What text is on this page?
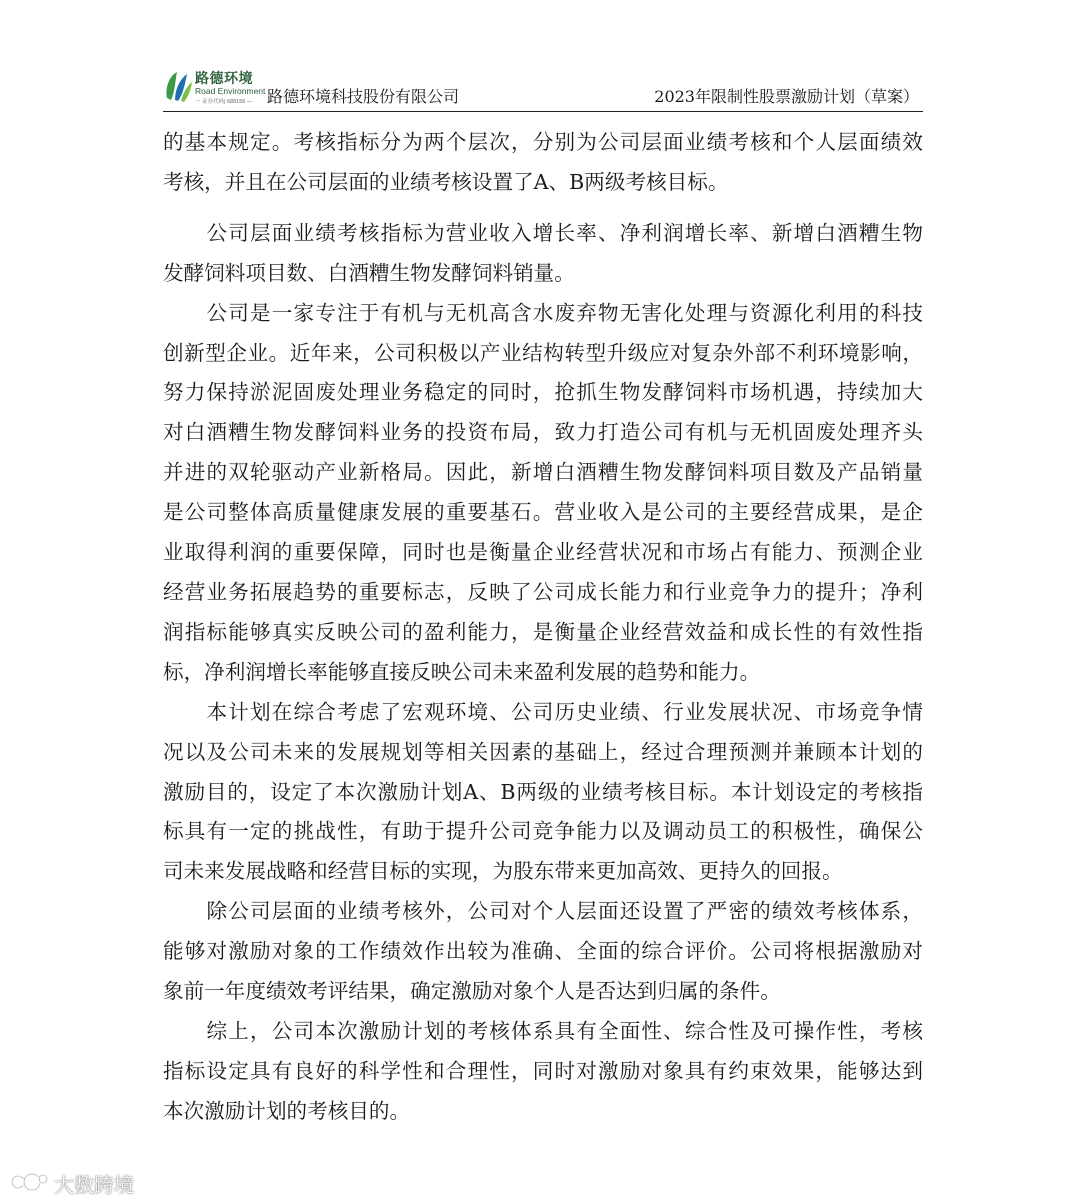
路德环境
Road Environment
一 证券代码| 688156 — 路德环境科技股份有限公司	2023年限制性股票激励计划（草案）
的基本规定。考核指标分为两个层次，分别为公司层面业绩考核和个人层面绩效
考核，并且在公司层面的业绩考核设置了A、B两级考核目标。
　　公司层面业绩考核指标为营业收入增长率、净利润增长率、新增白酒糟生物
发酵饲料项目数、白酒糟生物发酵饲料销量。
　　公司是一家专注于有机与无机高含水废弃物无害化处理与资源化利用的科技
创新型企业。近年来，公司积极以产业结构转型升级应对复杂外部不利环境影响，
努力保持淤泥固废处理业务稳定的同时，抢抓生物发酵饲料市场机遇，持续加大
对白酒糟生物发酵饲料业务的投资布局，致力打造公司有机与无机固废处理齐头
并进的双轮驱动产业新格局。因此，新增白酒糟生物发酵饲料项目数及产品销量
是公司整体高质量健康发展的重要基石。营业收入是公司的主要经营成果，是企
业取得利润的重要保障，同时也是衡量企业经营状况和市场占有能力、预测企业
经营业务拓展趋势的重要标志，反映了公司成长能力和行业竞争力的提升；净利
润指标能够真实反映公司的盈利能力，是衡量企业经营效益和成长性的有效性指
标，净利润增长率能够直接反映公司未来盈利发展的趋势和能力。
　　本计划在综合考虑了宏观环境、公司历史业绩、行业发展状况、市场竞争情
况以及公司未来的发展规划等相关因素的基础上，经过合理预测并兼顾本计划的
激励目的，设定了本次激励计划A、B两级的业绩考核目标。本计划设定的考核指
标具有一定的挑战性，有助于提升公司竞争能力以及调动员工的积极性，确保公
司未来发展战略和经营目标的实现，为股东带来更加高效、更持久的回报。
　　除公司层面的业绩考核外，公司对个人层面还设置了严密的绩效考核体系，
能够对激励对象的工作绩效作出较为准确、全面的综合评价。公司将根据激励对
象前一年度绩效考评结果，确定激励对象个人是否达到归属的条件。
　　综上，公司本次激励计划的考核体系具有全面性、综合性及可操作性，考核
指标设定具有良好的科学性和合理性，同时对激励对象具有约束效果，能够达到
本次激励计划的考核目的。
大数跨境
